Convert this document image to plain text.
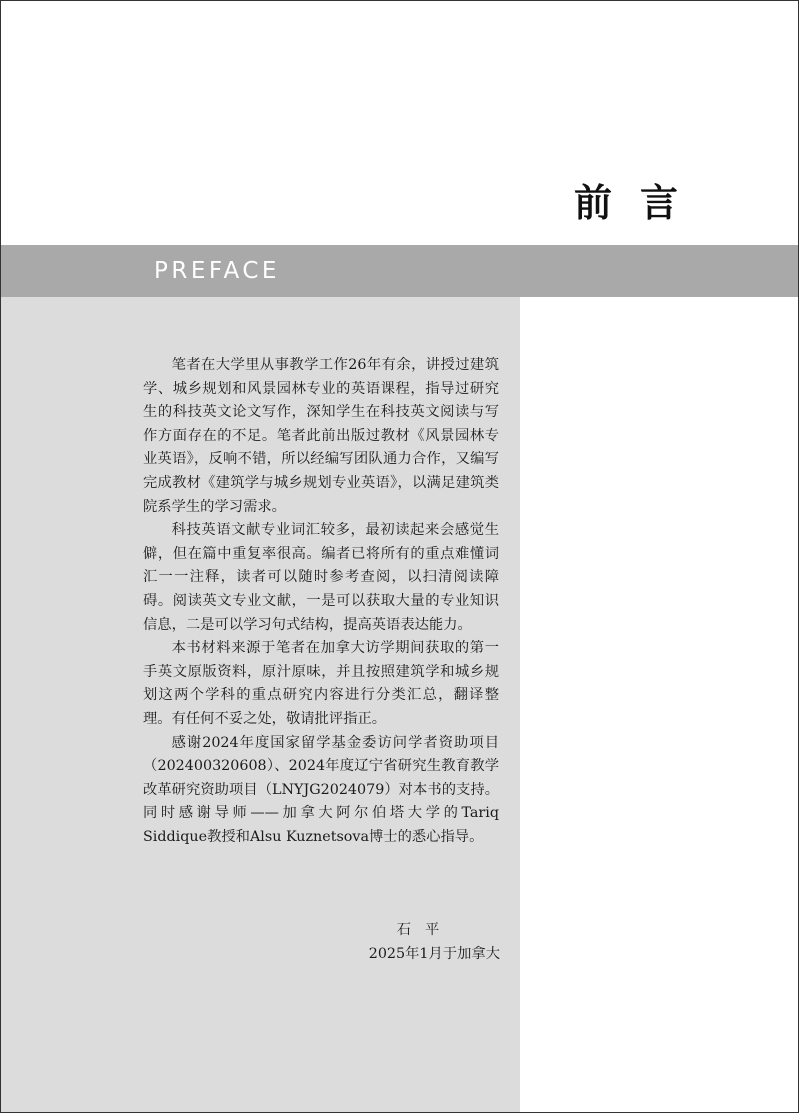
前言
PREFACE

笔者在大学里从事教学工作26年有余，讲授过建筑学、城乡规划和风景园林专业的英语课程，指导过研究生的科技英文论文写作，深知学生在科技英文阅读与写作方面存在的不足。笔者此前出版过教材《风景园林专业英语》，反响不错，所以经编写团队通力合作，又编写完成教材《建筑学与城乡规划专业英语》，以满足建筑类院系学生的学习需求。

科技英语文献专业词汇较多，最初读起来会感觉生僻，但在篇中重复率很高。编者已将所有的重点难懂词汇一一注释，读者可以随时参考查阅，以扫清阅读障碍。阅读英文专业文献，一是可以获取大量的专业知识信息，二是可以学习句式结构，提高英语表达能力。

本书材料来源于笔者在加拿大访学期间获取的第一手英文原版资料，原汁原味，并且按照建筑学和城乡规划这两个学科的重点研究内容进行分类汇总，翻译整理。有任何不妥之处，敬请批评指正。

感谢2024年度国家留学基金委访问学者资助项目（202400320608）、2024年度辽宁省研究生教育教学改革研究资助项目（LNYJG2024079）对本书的支持。同时感谢导师——加拿大阿尔伯塔大学的Tariq Siddique教授和Alsu Kuznetsova博士的悉心指导。

石平
2025年1月于加拿大
